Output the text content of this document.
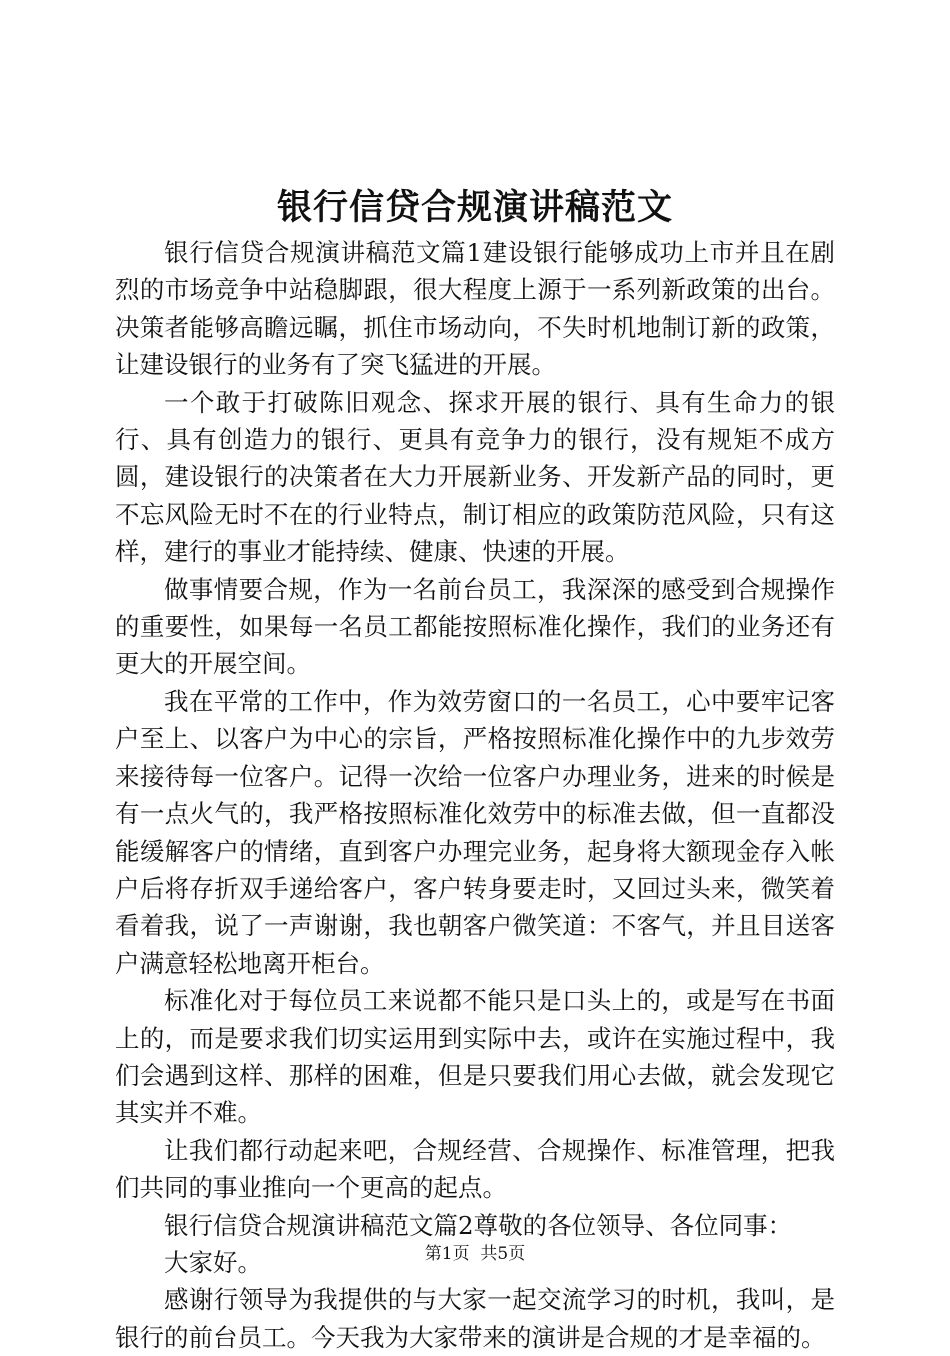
银行信贷合规演讲稿范文

银行信贷合规演讲稿范文篇1建设银行能够成功上市并且在剧烈的市场竞争中站稳脚跟，很大程度上源于一系列新政策的出台。决策者能够高瞻远瞩，抓住市场动向，不失时机地制订新的政策，让建设银行的业务有了突飞猛进的开展。

一个敢于打破陈旧观念、探求开展的银行、具有生命力的银行、具有创造力的银行、更具有竞争力的银行，没有规矩不成方圆，建设银行的决策者在大力开展新业务、开发新产品的同时，更不忘风险无时不在的行业特点，制订相应的政策防范风险，只有这样，建行的事业才能持续、健康、快速的开展。

做事情要合规，作为一名前台员工，我深深的感受到合规操作的重要性，如果每一名员工都能按照标准化操作，我们的业务还有更大的开展空间。

我在平常的工作中，作为效劳窗口的一名员工，心中要牢记客户至上、以客户为中心的宗旨，严格按照标准化操作中的九步效劳来接待每一位客户。记得一次给一位客户办理业务，进来的时候是有一点火气的，我严格按照标准化效劳中的标准去做，但一直都没能缓解客户的情绪，直到客户办理完业务，起身将大额现金存入帐户后将存折双手递给客户，客户转身要走时，又回过头来，微笑着看着我，说了一声谢谢，我也朝客户微笑道：不客气，并且目送客户满意轻松地离开柜台。

标准化对于每位员工来说都不能只是口头上的，或是写在书面上的，而是要求我们切实运用到实际中去，或许在实施过程中，我们会遇到这样、那样的困难，但是只要我们用心去做，就会发现它其实并不难。

让我们都行动起来吧，合规经营、合规操作、标准管理，把我们共同的事业推向一个更高的起点。

银行信贷合规演讲稿范文篇2尊敬的各位领导、各位同事：

大家好。

感谢行领导为我提供的与大家一起交流学习的时机，我叫，是银行的前台员工。今天我为大家带来的演讲是合规的才是幸福的。

第1页 共5页
